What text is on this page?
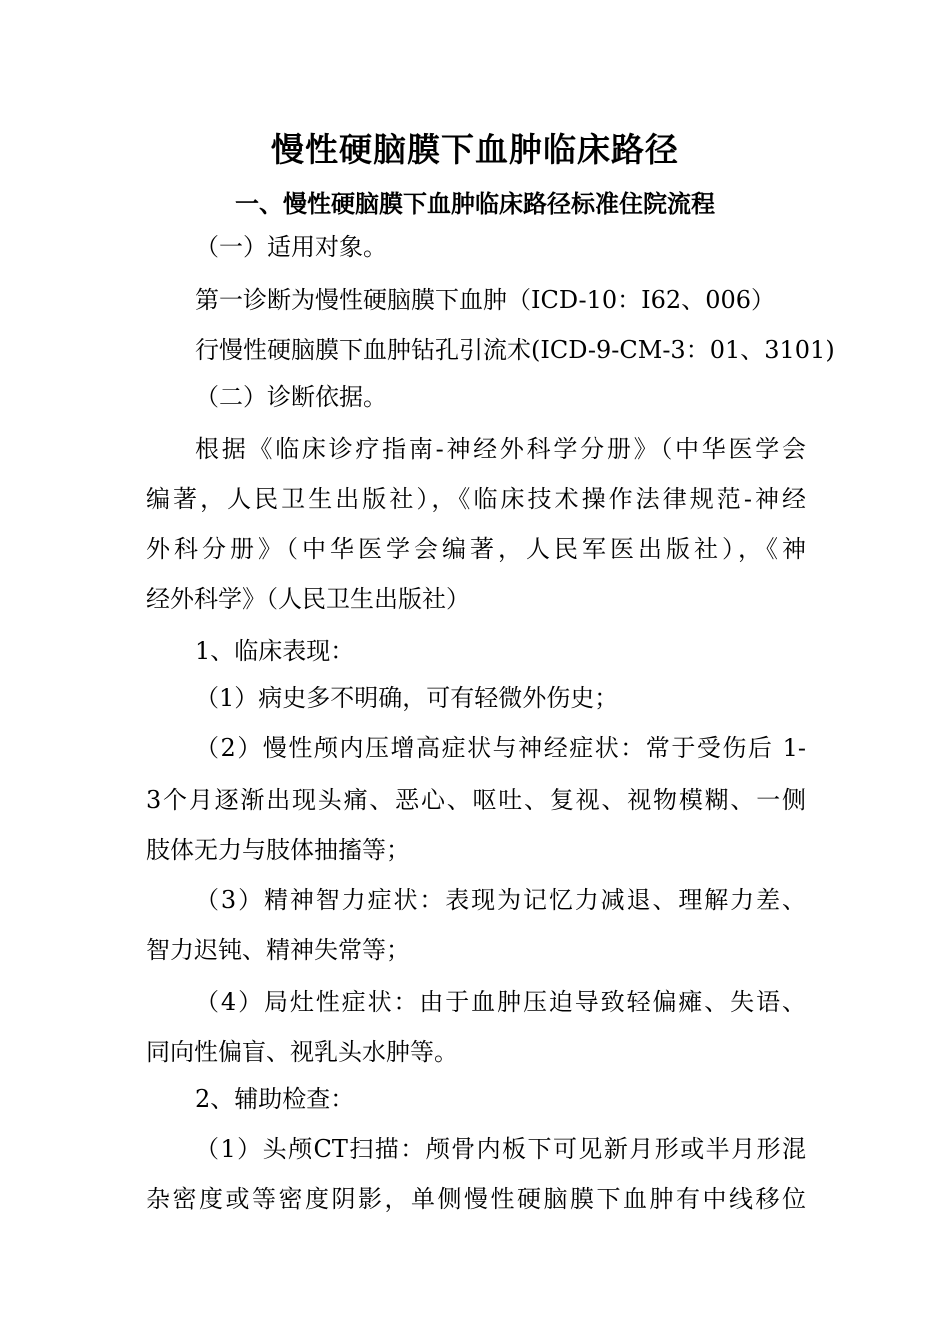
慢性硬脑膜下血肿临床路径
一、慢性硬脑膜下血肿临床路径标准住院流程
（一）适用对象。
第一诊断为慢性硬脑膜下血肿（ICD-10：I62、006）
行慢性硬脑膜下血肿钻孔引流术(ICD-9-CM-3：01、3101)
（二）诊断依据。
根据《临床诊疗指南-神经外科学分册》（中华医学会
编著，人民卫生出版社），《临床技术操作法律规范-神经
外科分册》（中华医学会编著，人民军医出版社），《神
经外科学》（人民卫生出版社）
1、临床表现：
（1）病史多不明确，可有轻微外伤史；
（2）慢性颅内压增高症状与神经症状：常于受伤后 1-
3个月逐渐出现头痛、恶心、呕吐、复视、视物模糊、一侧
肢体无力与肢体抽搐等；
（3）精神智力症状：表现为记忆力减退、理解力差、
智力迟钝、精神失常等；
（4）局灶性症状：由于血肿压迫导致轻偏瘫、失语、
同向性偏盲、视乳头水肿等。
2、辅助检查：
（1）头颅CT扫描：颅骨内板下可见新月形或半月形混
杂密度或等密度阴影，单侧慢性硬脑膜下血肿有中线移位
